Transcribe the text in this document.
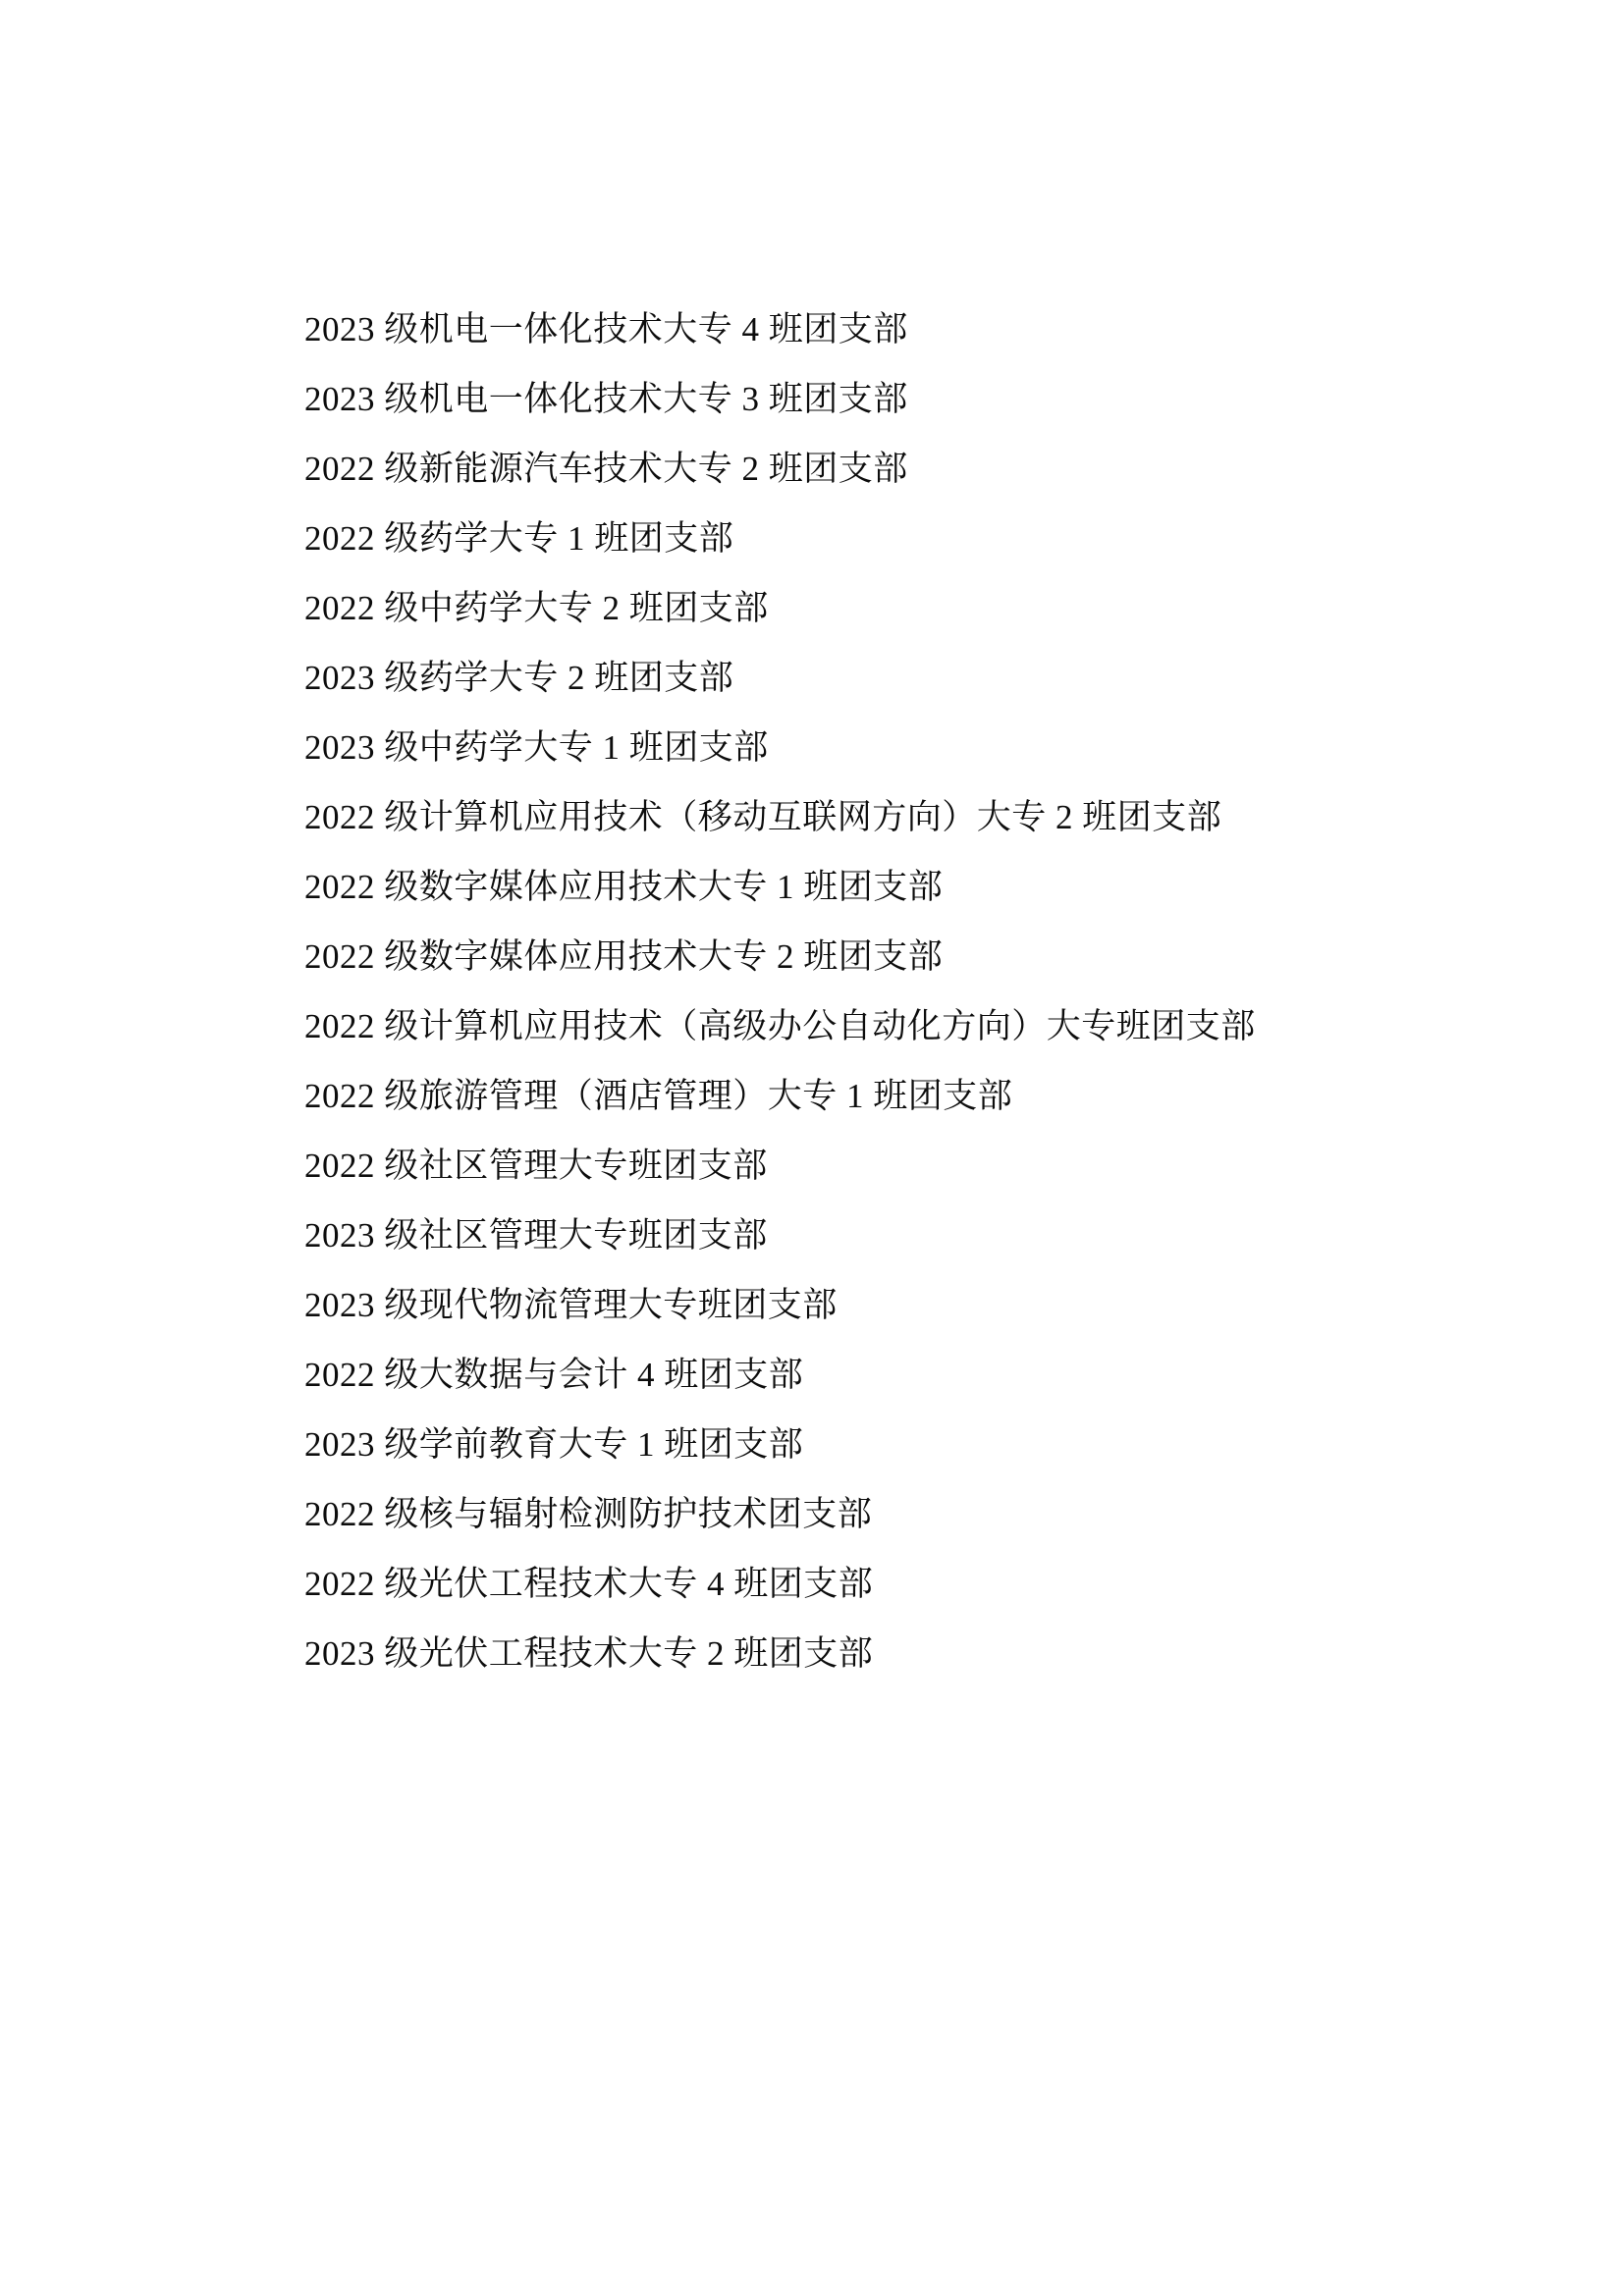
2023 级机电一体化技术大专 4 班团支部

2023 级机电一体化技术大专 3 班团支部

2022 级新能源汽车技术大专 2 班团支部

2022 级药学大专 1 班团支部

2022 级中药学大专 2 班团支部

2023 级药学大专 2 班团支部

2023 级中药学大专 1 班团支部

2022 级计算机应用技术（移动互联网方向）大专 2 班团支部

2022 级数字媒体应用技术大专 1 班团支部

2022 级数字媒体应用技术大专 2 班团支部

2022 级计算机应用技术（高级办公自动化方向）大专班团支部

2022 级旅游管理（酒店管理）大专 1 班团支部

2022 级社区管理大专班团支部

2023 级社区管理大专班团支部

2023 级现代物流管理大专班团支部

2022 级大数据与会计 4 班团支部

2023 级学前教育大专 1 班团支部

2022 级核与辐射检测防护技术团支部

2022 级光伏工程技术大专 4 班团支部

2023 级光伏工程技术大专 2 班团支部
